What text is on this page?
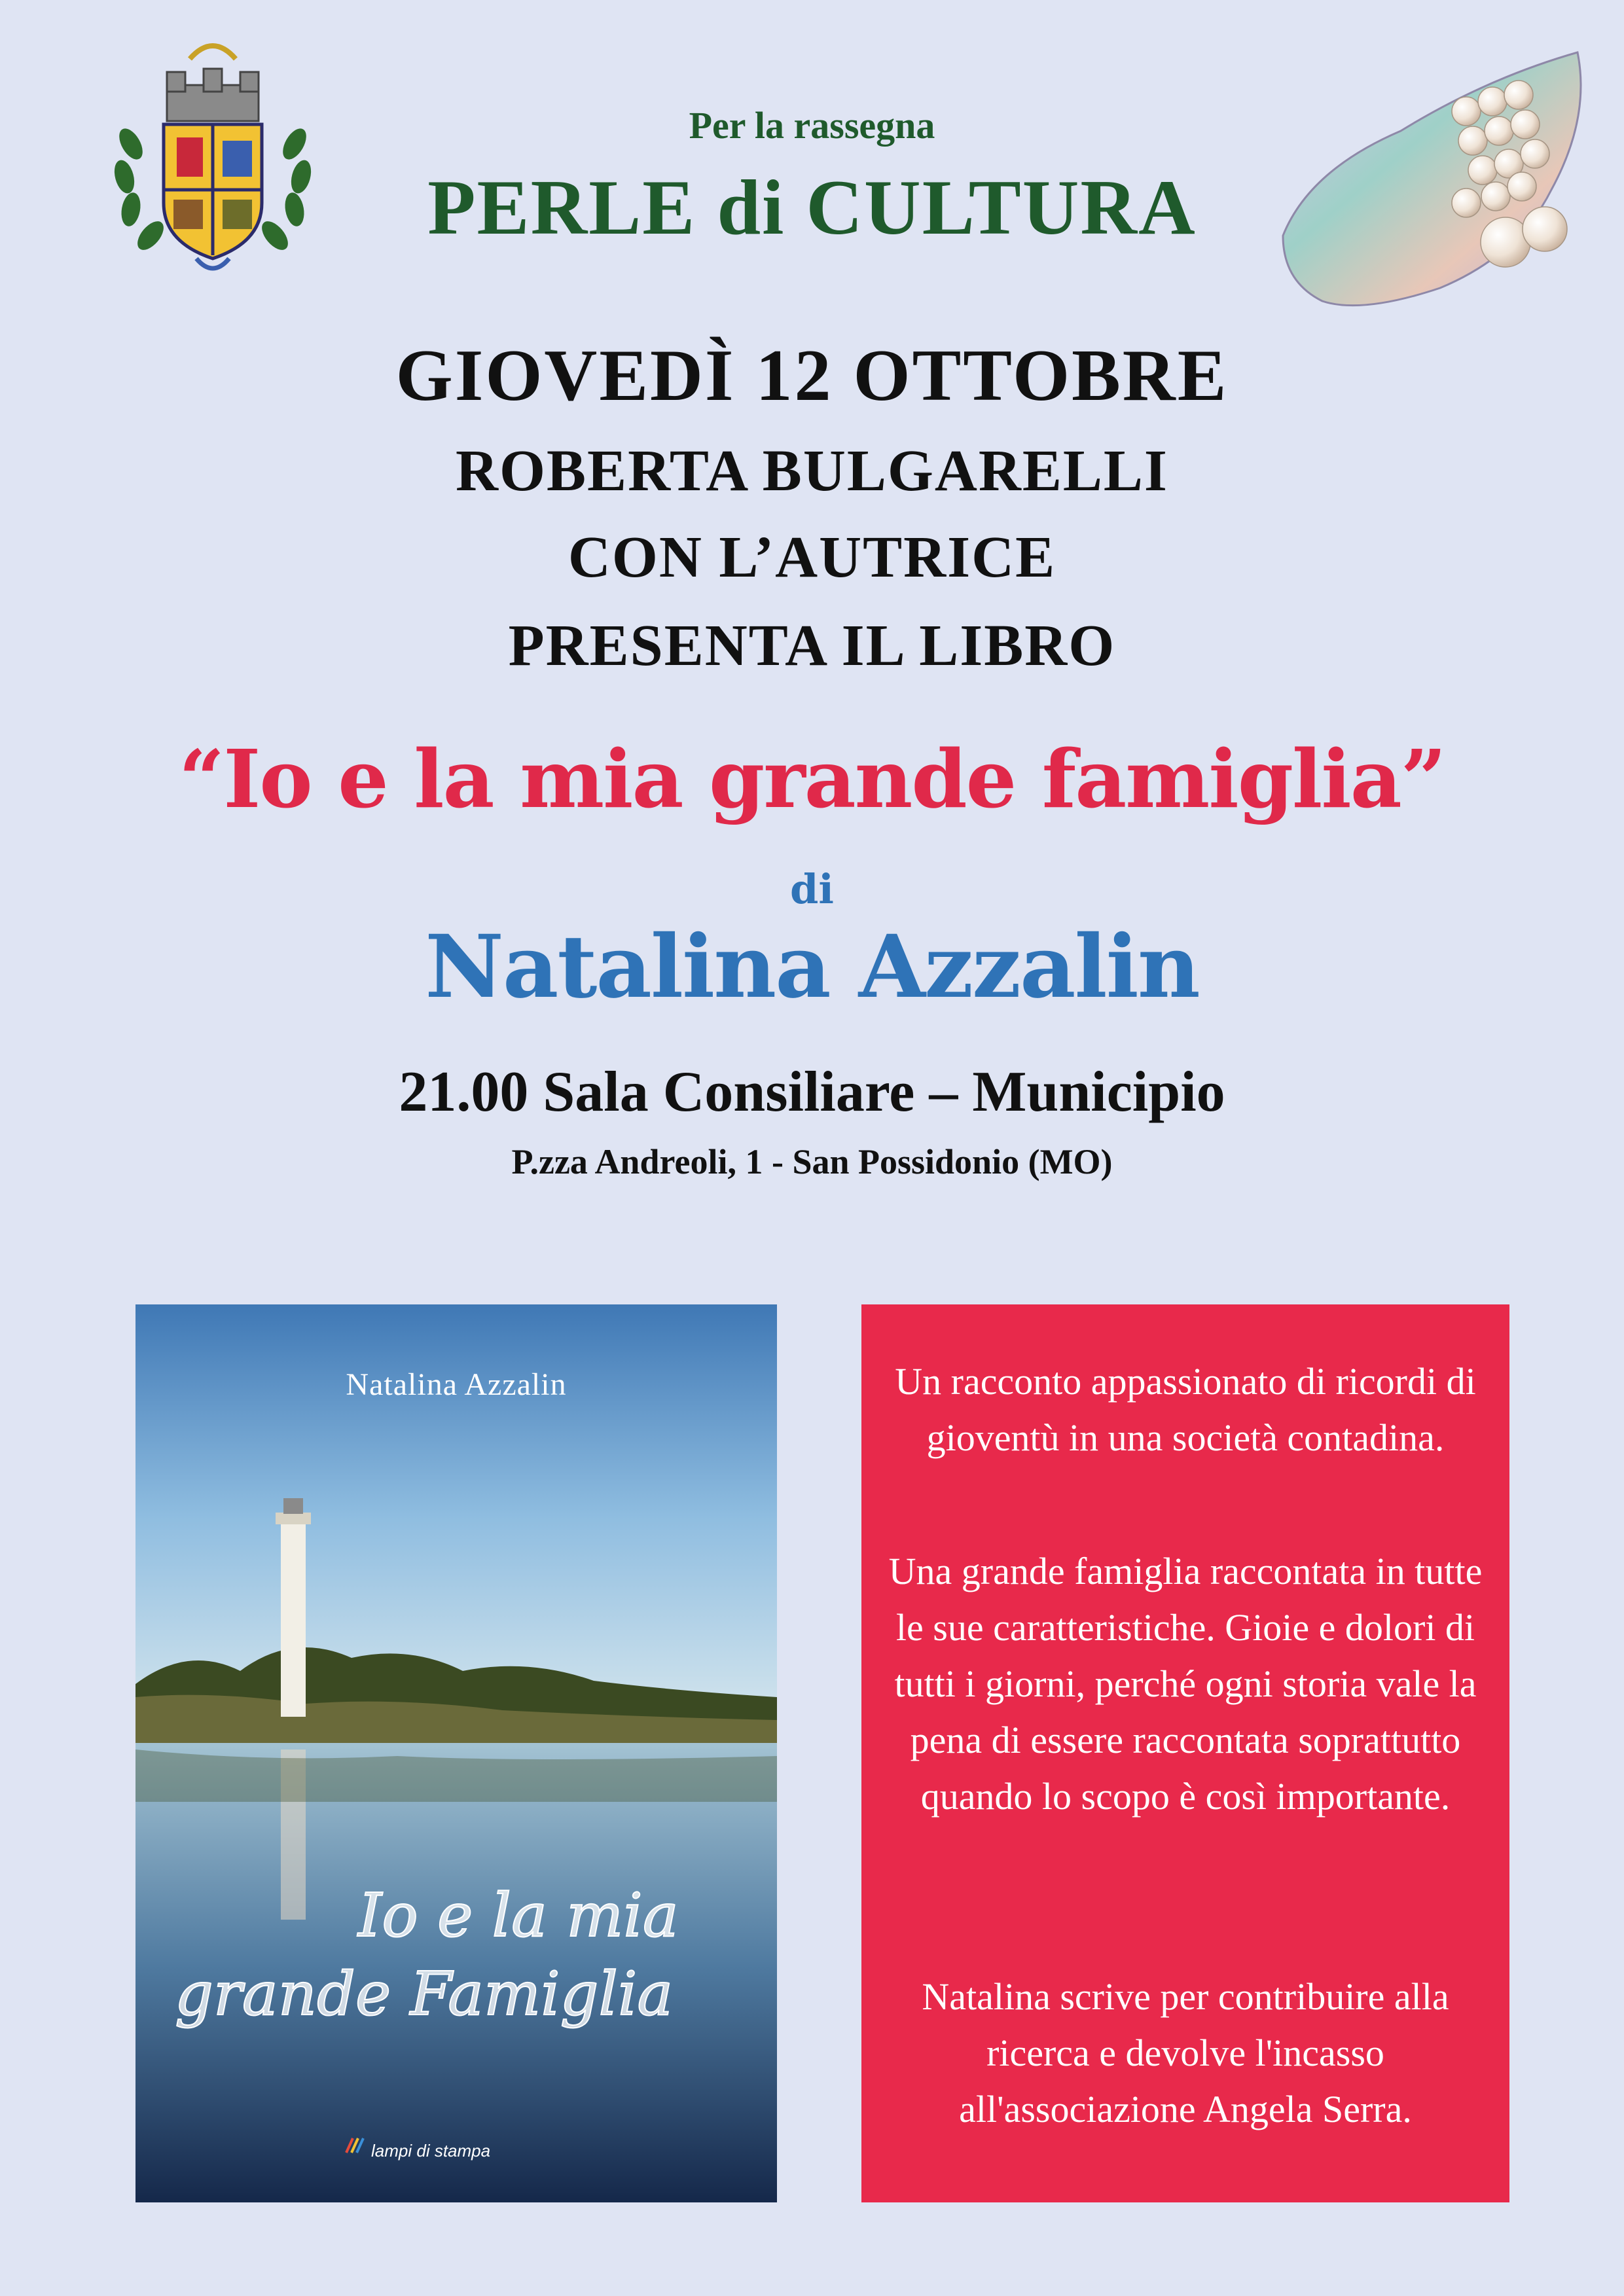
Per la rassegna
PERLE di CULTURA
GIOVEDÌ 12 OTTOBRE
ROBERTA BULGARELLI
CON L’AUTRICE
PRESENTA IL LIBRO
“Io e la mia grande famiglia”
di
Natalina Azzalin
21.00 Sala Consiliare – Municipio
P.zza Andreoli, 1 - San Possidonio (MO)
Natalina Azzalin
Io e la mia
grande Famiglia
lampi di stampa
Un racconto appassionato di ricordi di gioventù in una società contadina.
Una grande famiglia raccontata in tutte le sue caratteristiche. Gioie e dolori di tutti i giorni, perché ogni storia vale la pena di essere raccontata soprattutto quando lo scopo è così importante.
Natalina scrive per contribuire alla ricerca e devolve l'incasso all'associazione Angela Serra.
